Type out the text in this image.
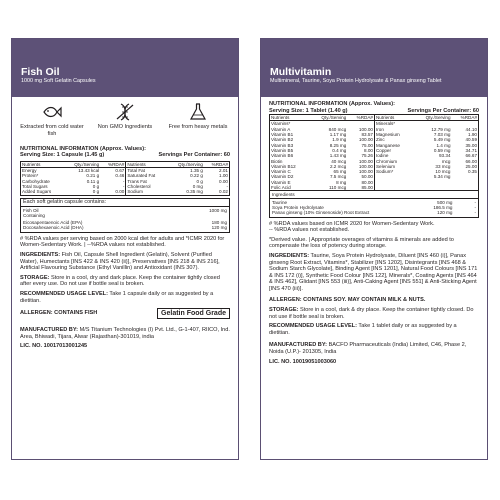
Fish Oil
1000 mg Soft Gelatin Capsules
Extracted from cold water fish
Non GMO Ingredients	Free from heavy metals
NUTRITIONAL INFORMATION (Approx. Values):
Serving Size: 1 Capsule (1.45 g)	Servings Per Container: 60
Nutrients	Qty./Serving	%RDA#	Nutrients	Qty./Serving	%RDA#
Energy	13.43 kcal	0.67	Total Fat	1.35 g	2.01
Protein*	0.21 g	0.46	Saturated Fat	0.22 g	1.00
Carbohydrate	0.11 g	-	Trans Fat	0 g	0.00
Total Sugars	0 g	-	Cholesterol	0 mg	-
Added Sugars	0 g	0.00	Sodium	0.35 mg	0.02
Each soft gelatin capsule contains:
Fish Oil	1000 mg
Containing
Eicosapentaenoic Acid (EPA)	180 mg
Docosahexaenoic Acid (DHA)	120 mg
# %RDA values per serving based on 2000 kcal diet for adults and *ICMR 2020 for Women-Sedentary Work. | --%RDA values not established.
INGREDIENTS: Fish Oil, Capsule Shell Ingredient (Gelatin), Solvent (Purified Water), Humectants [INS 422 & INS 420 (ii)], Preservatives [INS 218 & INS 216], Artificial Flavouring Substance (Ethyl Vanillin) and Antioxidant (INS 307).
STORAGE: Store in a cool, dry and dark place. Keep the container tightly closed after every use. Do not use if bottle seal is broken.
RECOMMENDED USAGE LEVEL: Take 1 capsule daily or as suggested by a dietitian.
ALLERGEN: CONTAINS FISH	Gelatin Food Grade
MANUFACTURED BY: M/S Titanium Technologies (I) Pvt. Ltd., G-1-407, RIICO, Ind. Area, Bhiwadi, Tijara, Alwar (Rajasthan)-301019, india
LIC. NO. 10017013001245
Multivitamin
Multimineral, Taurine, Soya Protein Hydrolysate & Panax ginseng Tablet
NUTRITIONAL INFORMATION (Approx. Values):
Serving Size: 1 Tablet (1.40 g)	Servings Per Container: 60
Nutrients	Qty./Serving	%RDA#	Nutrients	Qty./Serving	%RDA#
Vitamins*			Minerals*		
Vitamin A	840 mcg	100.00	Iron	12.79 mg	44.10
Vitamin B1	1.17 mg	83.57	Magnesium	7.03 mg	1.90
Vitamin B2	1.9 mg	100.00	Zinc	5.49 mg	40.59
Vitamin B3	8.25 mg	75.00	Manganese	1.4 mg	35.00
Vitamin B5	0.4 mg	8.00	Copper	0.59 mg	34.71
Vitamin B6	1.43 mg	75.26	Iodine	93.34	66.67
Biotin	40 mcg	100.00	Chromium	mcg	66.00
Vitamin B12	2.2 mcg	100.00	Selenium	33 mcg	25.00
Vitamin C	65 mg	100.00	Sodium*	10 mcg	0.35
Vitamin D2	7.5 mcg	50.00		5.34 mg	
Vitamin E	8 mg	80.00			
Folic Acid	110 mcg	85.00			
Ingredients
Taurine	500 mg	-
Soya Protein Hydrolysate	186.5 mg	-
Panax ginseng (10% Ginsenoside) Root Extract	120 mg	-
# %RDA values based on ICMR 2020 for Women-Sedentary Work.
-- %RDA values not established.
*Derived value. | Appropriate overages of vitamins & minerals are added to compensate the loss of potency during storage.
INGREDIENTS: Taurine, Soya Protein Hydrolysate, Diluent [INS 460 (i)], Panax ginseng Root Extract, Vitamins*, Stabilizer [INS 1202], Disintegrants [INS 468 & Sodium Starch Glycolate], Binding Agent [INS 1201], Natural Food Colours [INS 171 & INS 172 (i)], Synthetic Food Colour [INS 122], Minerals*, Coating Agents [INS 464 & INS 462], Glidant [INS 553 (iii)], Anti-Caking Agent [INS 551] & Anti-Sticking Agent [INS 470 (iii)].
ALLERGEN: CONTAINS SOY. MAY CONTAIN MILK & NUTS.
STORAGE: Store in a cool, dark & dry place. Keep the container tightly closed. Do not use if bottle seal is broken.
RECOMMENDED USAGE LEVEL: Take 1 tablet daily or as suggested by a dietitian.
MANUFACTURED BY: BACFO Pharmaceuticals (India) Limited, C46, Phase 2, Noida (U.P.)- 201305, India
LIC. NO. 10019051003060
